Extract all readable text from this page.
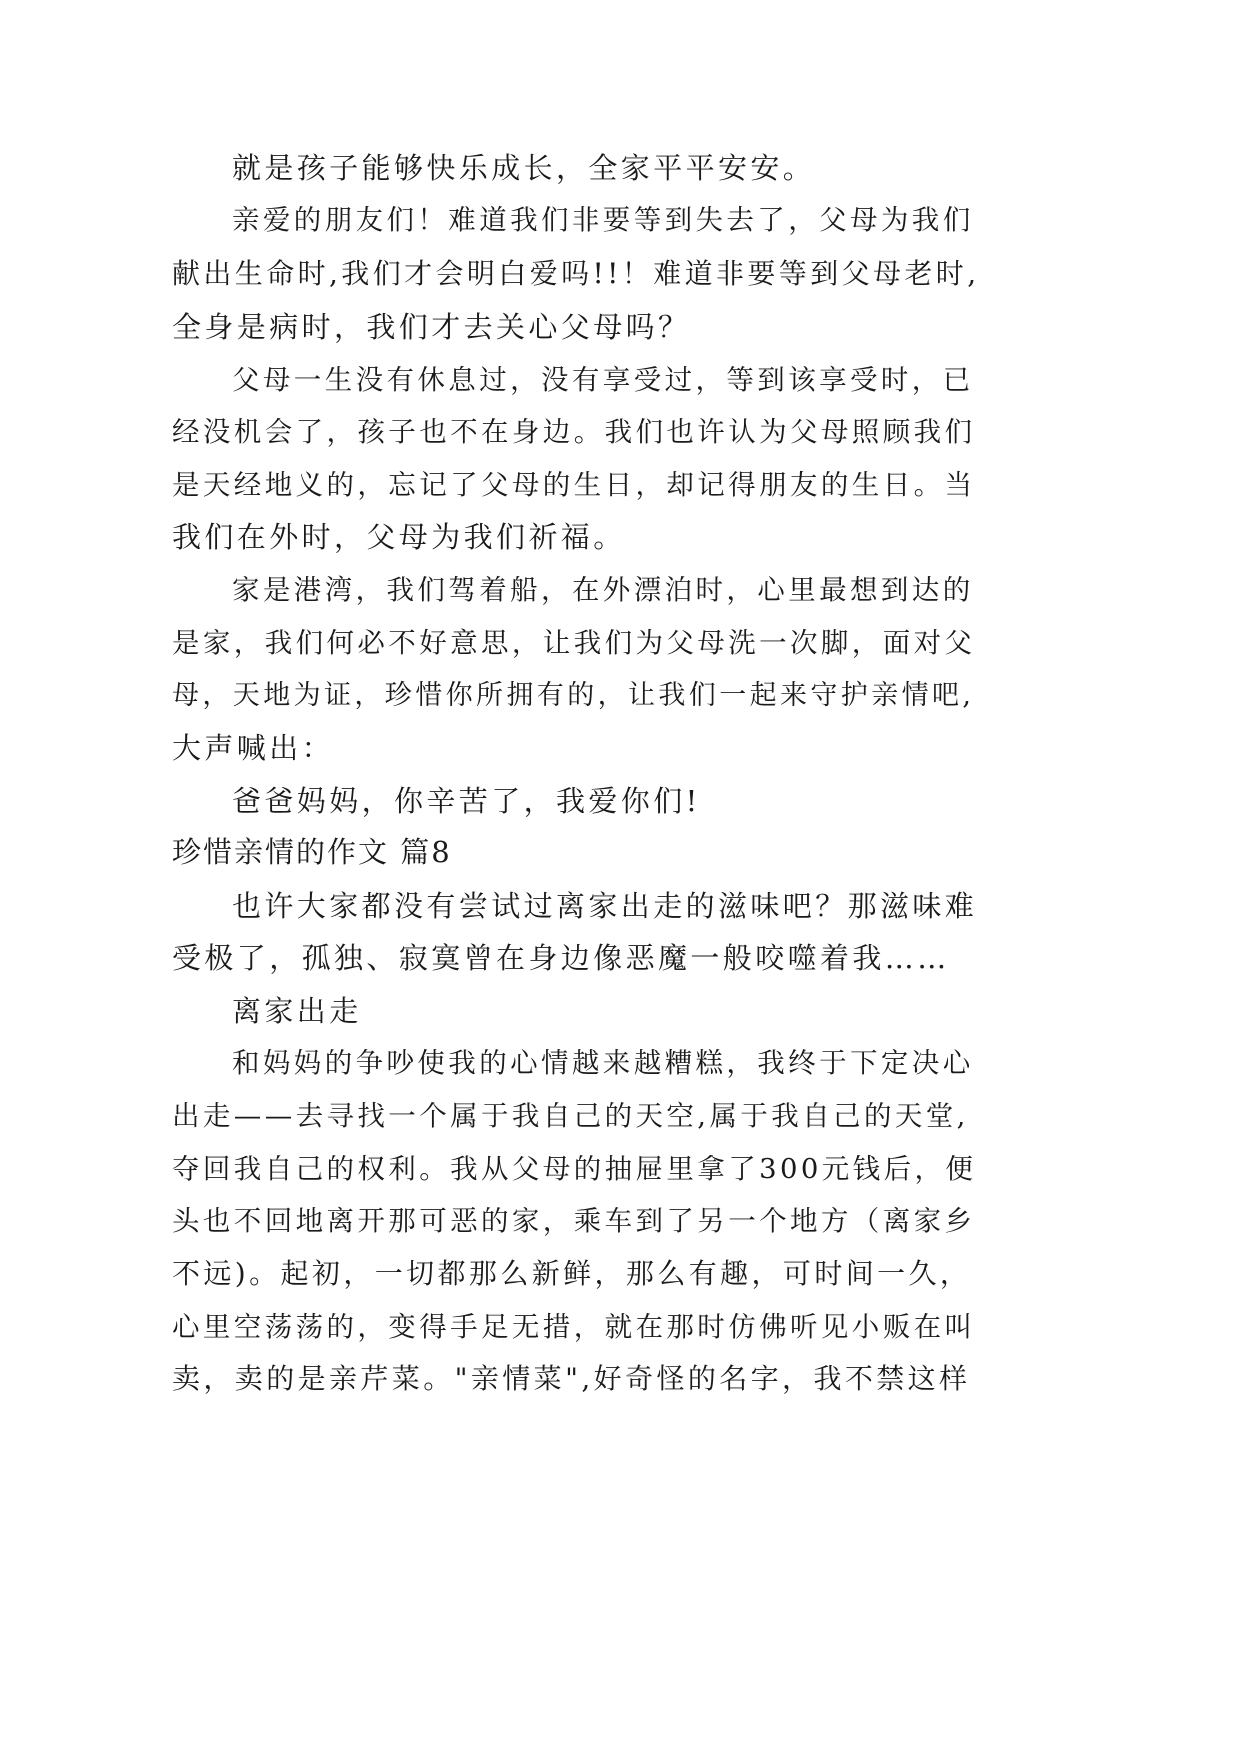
就是孩子能够快乐成长，全家平平安安。
亲爱的朋友们！难道我们非要等到失去了，父母为我们
献出生命时,我们才会明白爱吗!!！难道非要等到父母老时,
全身是病时，我们才去关心父母吗？
父母一生没有休息过，没有享受过，等到该享受时，已
经没机会了，孩子也不在身边。我们也许认为父母照顾我们
是天经地义的，忘记了父母的生日，却记得朋友的生日。当
我们在外时，父母为我们祈福。
家是港湾，我们驾着船，在外漂泊时，心里最想到达的
是家，我们何必不好意思，让我们为父母洗一次脚，面对父
母，天地为证，珍惜你所拥有的，让我们一起来守护亲情吧,
大声喊出：
爸爸妈妈，你辛苦了，我爱你们!
珍惜亲情的作文 篇8
也许大家都没有尝试过离家出走的滋味吧？那滋味难
受极了，孤独、寂寞曾在身边像恶魔一般咬噬着我……
离家出走
和妈妈的争吵使我的心情越来越糟糕，我终于下定决心
出走——去寻找一个属于我自己的天空,属于我自己的天堂,
夺回我自己的权利。我从父母的抽屉里拿了300元钱后，便
头也不回地离开那可恶的家，乘车到了另一个地方（离家乡
不远)。起初，一切都那么新鲜，那么有趣，可时间一久，
心里空荡荡的，变得手足无措，就在那时仿佛听见小贩在叫
卖，卖的是亲芹菜。"亲情菜",好奇怪的名字，我不禁这样
